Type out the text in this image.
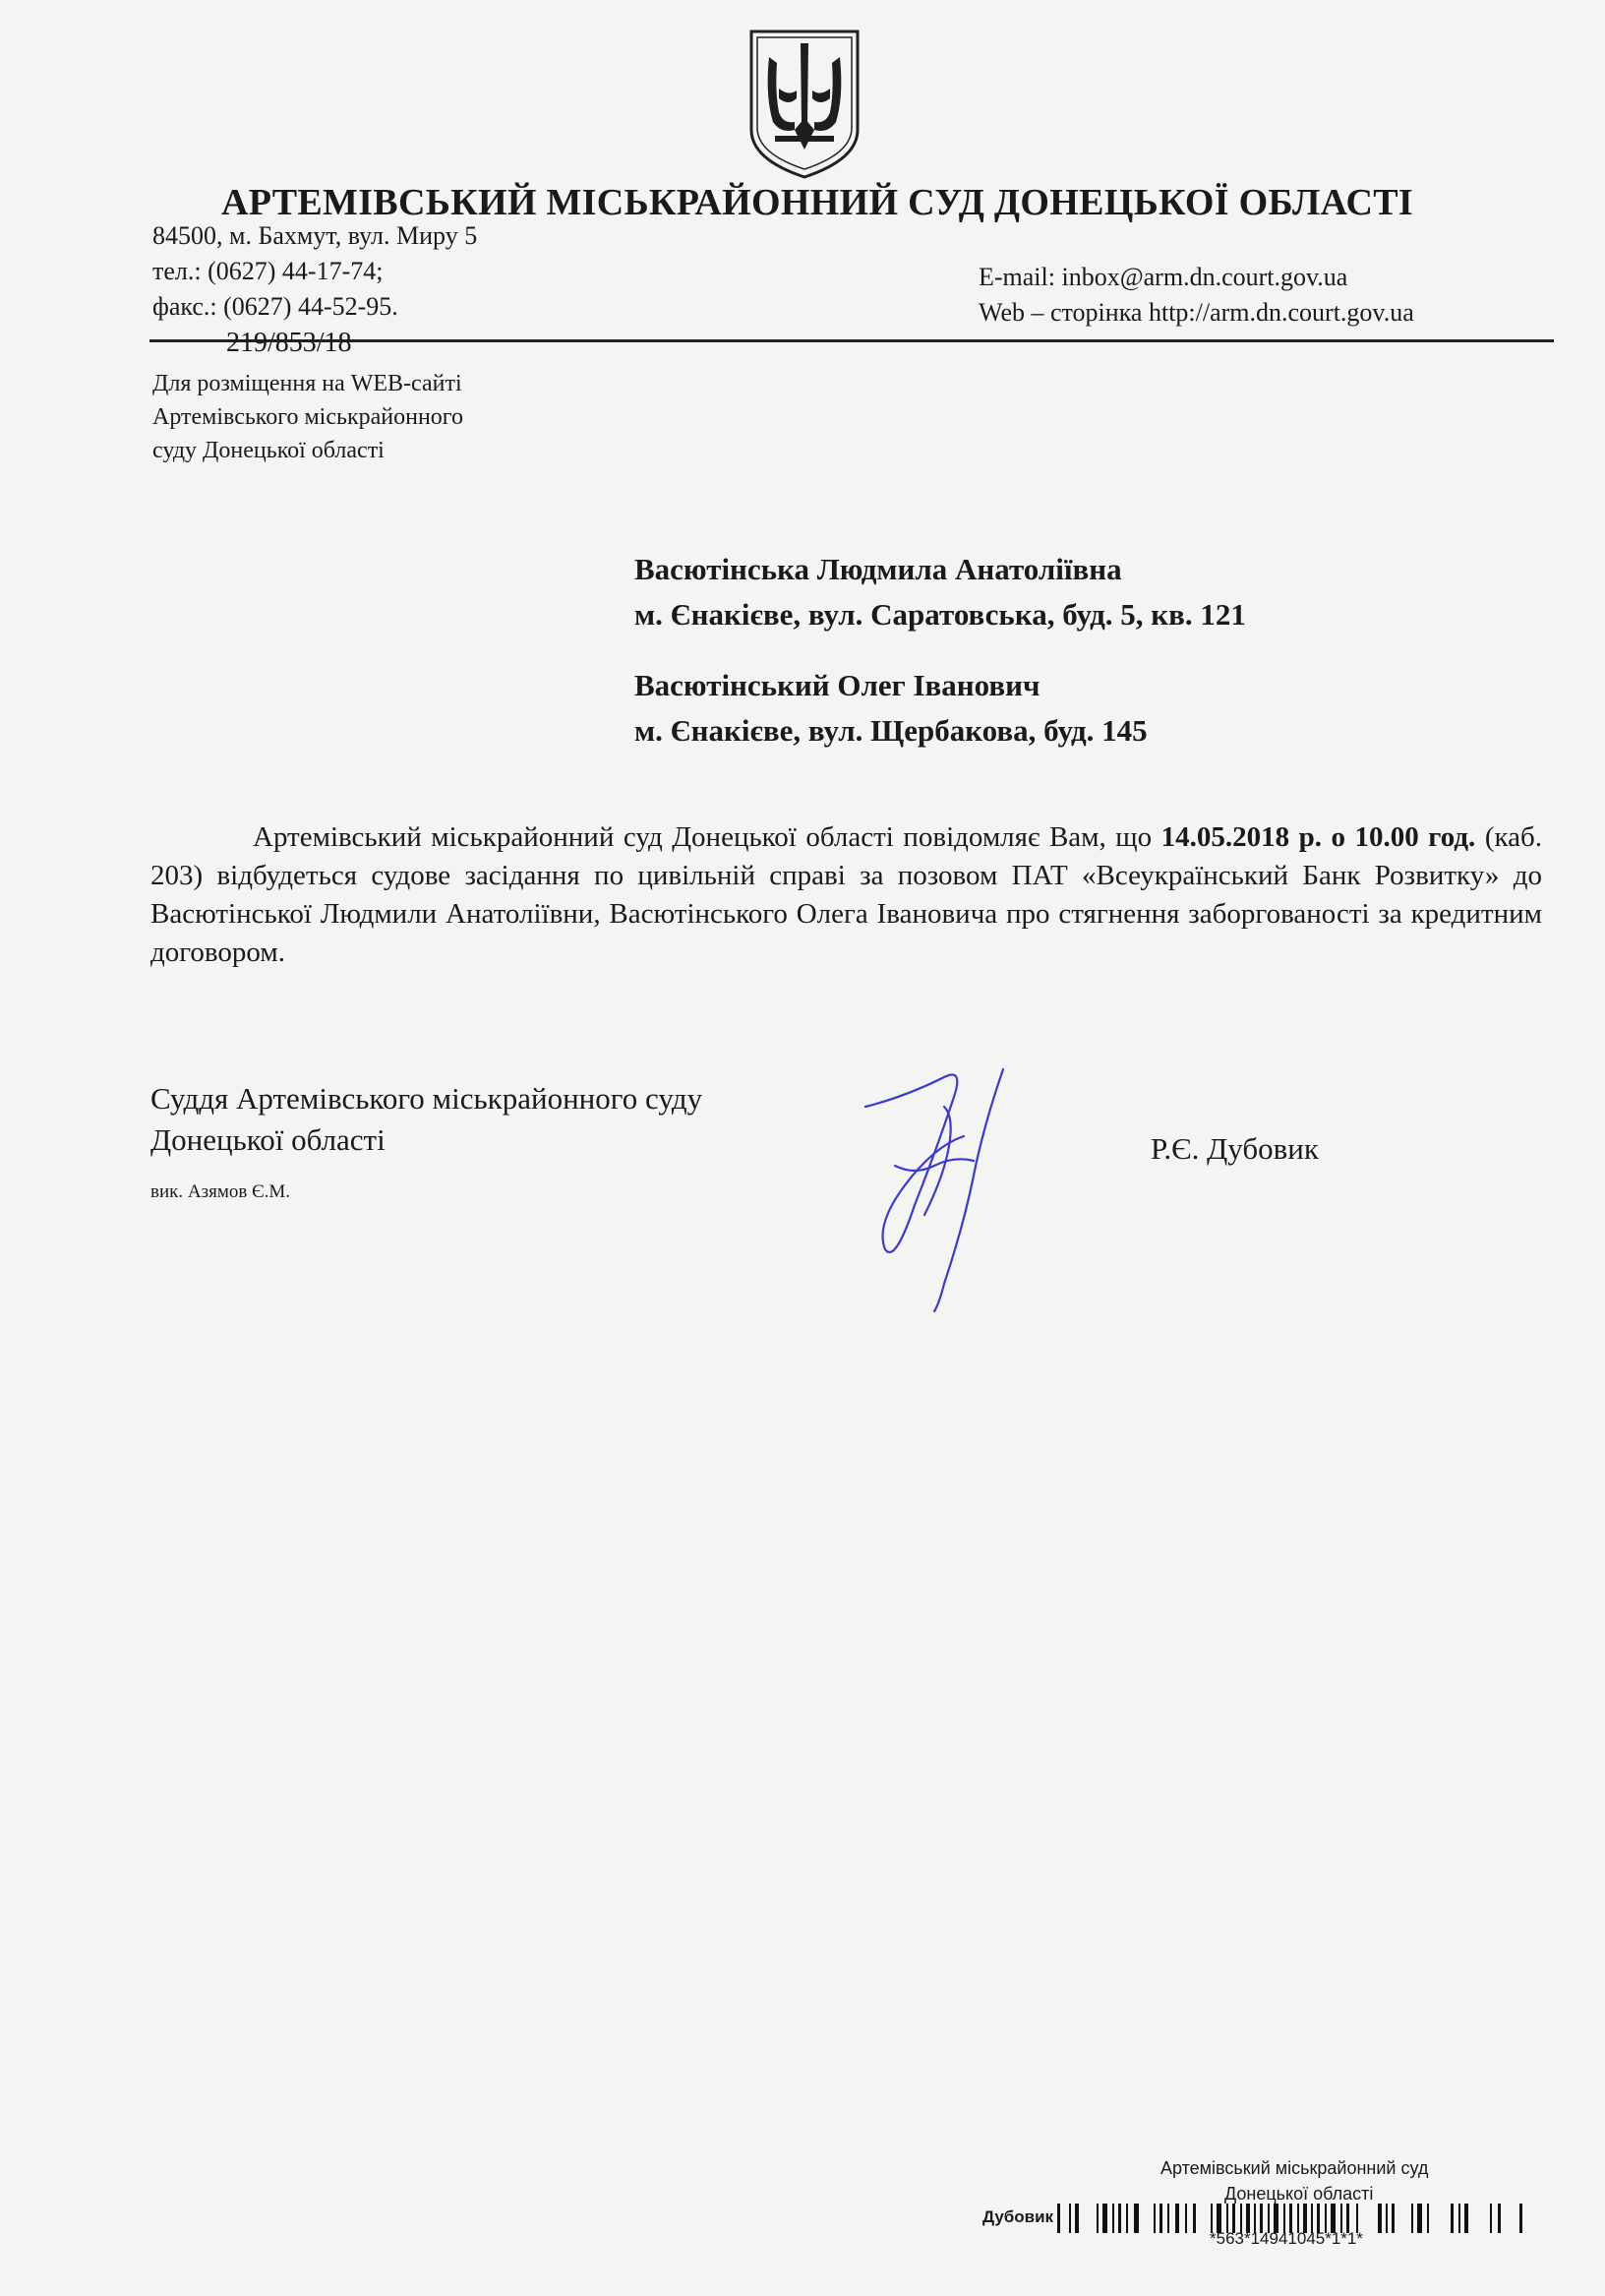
АРТЕМІВСЬКИЙ МІСЬКРАЙОННИЙ СУД ДОНЕЦЬКОЇ ОБЛАСТІ
84500, м. Бахмут, вул. Миру 5
тел.: (0627) 44-17-74;
факс.: (0627) 44-52-95.
E-mail: inbox@arm.dn.court.gov.ua
Web – сторінка http://arm.dn.court.gov.ua
219/853/18
Для розміщення на WEB-сайті
Артемівського міськрайонного
суду Донецької області
Васютінська Людмила Анатоліївна
м. Єнакієве, вул. Саратовська, буд. 5, кв. 121
Васютінський Олег Іванович
м. Єнакієве, вул. Щербакова, буд. 145

Артемівський міськрайонний суд Донецької області повідомляє Вам, що 14.05.2018 р. о 10.00 год. (каб. 203) відбудеться судове засідання по цивільній справі за позовом ПАТ «Всеукраїнський Банк Розвитку» до Васютінської Людмили Анатоліївни, Васютінського Олега Івановича про стягнення заборгованості за кредитним договором.

Суддя Артемівського міськрайонного суду
Донецької області	Р.Є. Дубовик
вик. Азямов Є.М.
Артемівський міськрайонний суд
Донецької області
Дубовик
*563*14941045*1*1*
